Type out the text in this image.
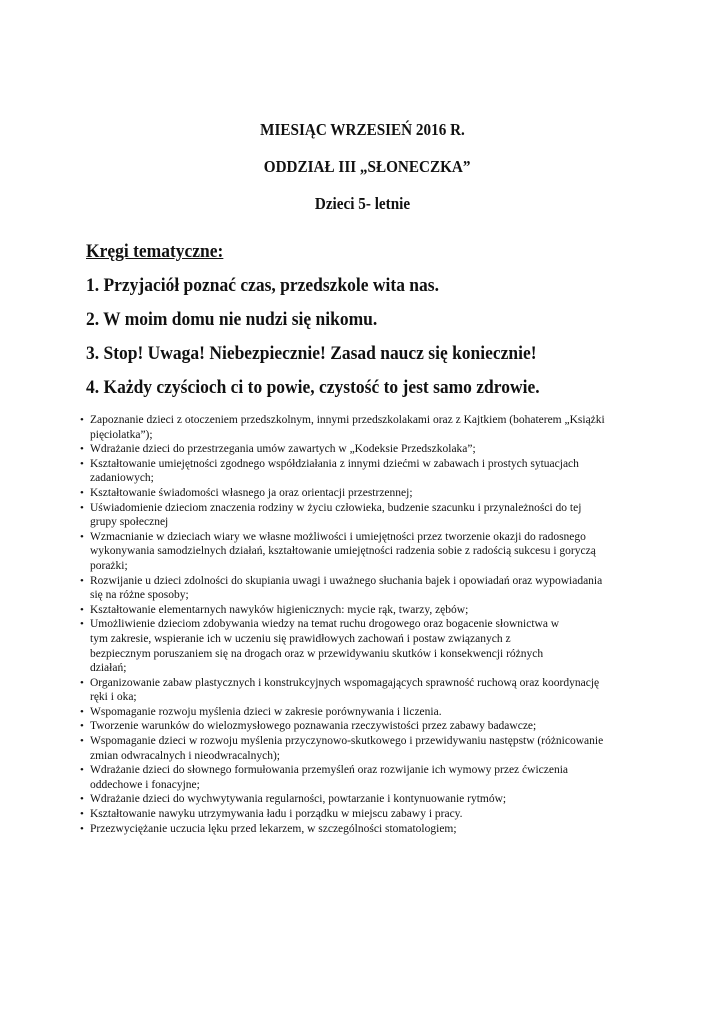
MIESIĄC WRZESIEŃ 2016 R.
ODDZIAŁ III „SŁONECZKA”
Dzieci 5- letnie
Kręgi tematyczne:
1. Przyjaciół poznać czas, przedszkole wita nas.
2. W moim domu nie nudzi się nikomu.
3. Stop! Uwaga! Niebezpiecznie! Zasad naucz się koniecznie!
4. Każdy czyścioch ci to powie, czystość to jest samo zdrowie.
• Zapoznanie dzieci z otoczeniem przedszkolnym, innymi przedszkolakami oraz z Kajtkiem (bohaterem „Książki
pięciolatka”);
• Wdrażanie dzieci do przestrzegania umów zawartych w „Kodeksie Przedszkolaka”;
• Kształtowanie umiejętności zgodnego współdziałania z innymi dziećmi w zabawach i prostych sytuacjach
zadaniowych;
• Kształtowanie świadomości własnego ja oraz orientacji przestrzennej;
• Uświadomienie dzieciom znaczenia rodziny w życiu człowieka, budzenie szacunku i przynależności do tej
grupy społecznej
• Wzmacnianie w dzieciach wiary we własne możliwości i umiejętności przez tworzenie okazji do radosnego
wykonywania samodzielnych działań, kształtowanie umiejętności radzenia sobie z radością sukcesu i goryczą
porażki;
• Rozwijanie u dzieci zdolności do skupiania uwagi i uważnego słuchania bajek i opowiadań oraz wypowiadania
się na różne sposoby;
• Kształtowanie elementarnych nawyków higienicznych: mycie rąk, twarzy, zębów;
• Umożliwienie dzieciom zdobywania wiedzy na temat ruchu drogowego oraz bogacenie słownictwa w
tym zakresie, wspieranie ich w uczeniu się prawidłowych zachowań i postaw związanych z
bezpiecznym poruszaniem się na drogach oraz w przewidywaniu skutków i konsekwencji różnych
działań;
• Organizowanie zabaw plastycznych i konstrukcyjnych wspomagających sprawność ruchową oraz koordynację
ręki i oka;
• Wspomaganie rozwoju myślenia dzieci w zakresie porównywania i liczenia.
• Tworzenie warunków do wielozmysłowego poznawania rzeczywistości przez zabawy badawcze;
• Wspomaganie dzieci w rozwoju myślenia przyczynowo-skutkowego i przewidywaniu następstw (różnicowanie
zmian odwracalnych i nieodwracalnych);
• Wdrażanie dzieci do słownego formułowania przemyśleń oraz rozwijanie ich wymowy przez ćwiczenia
oddechowe i fonacyjne;
• Wdrażanie dzieci do wychwytywania regularności, powtarzanie i kontynuowanie rytmów;
• Kształtowanie nawyku utrzymywania ładu i porządku w miejscu zabawy i pracy.
• Przezwyciężanie uczucia lęku przed lekarzem, w szczególności stomatologiem;
